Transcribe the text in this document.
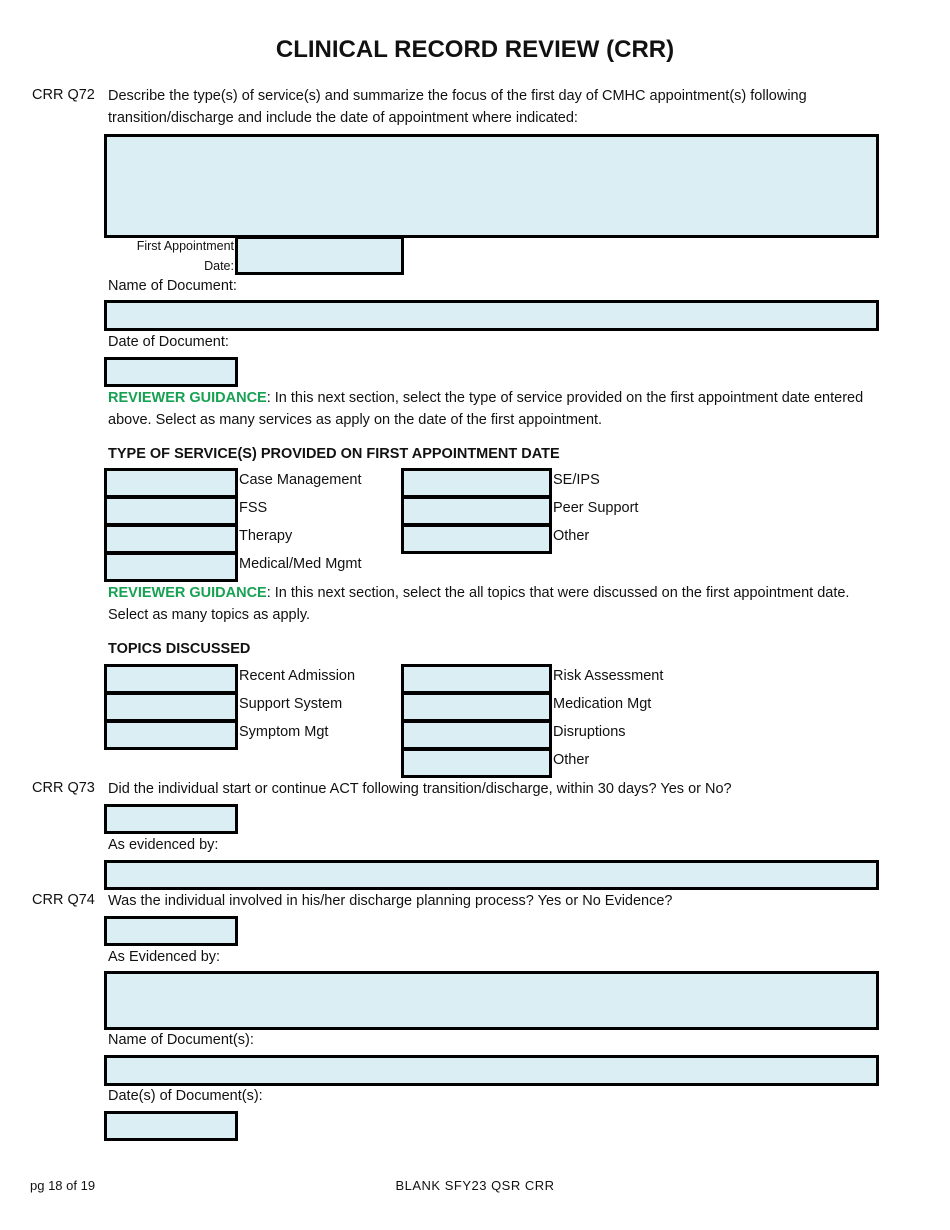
CLINICAL RECORD REVIEW (CRR)
CRR Q72 Describe the type(s) of service(s) and summarize the focus of the first day of CMHC appointment(s) following transition/discharge and include the date of appointment where indicated:
First Appointment
Date:
Name of Document:
Date of Document:
REVIEWER GUIDANCE: In this next section, select the type of service provided on the first appointment date entered above. Select as many services as apply on the date of the first appointment.
TYPE OF SERVICE(S) PROVIDED ON FIRST APPOINTMENT DATE
Case Management
FSS
Therapy
Medical/Med Mgmt
SE/IPS
Peer Support
Other
REVIEWER GUIDANCE: In this next section, select the all topics that were discussed on the first appointment date. Select as many topics as apply.
TOPICS DISCUSSED
Recent Admission
Support System
Symptom Mgt
Risk Assessment
Medication Mgt
Disruptions
Other
CRR Q73 Did the individual start or continue ACT following transition/discharge, within 30 days? Yes or No?
As evidenced by:
CRR Q74 Was the individual involved in his/her discharge planning process? Yes or No Evidence?
As Evidenced by:
Name of Document(s):
Date(s) of Document(s):
pg 18 of 19	BLANK SFY23 QSR CRR
